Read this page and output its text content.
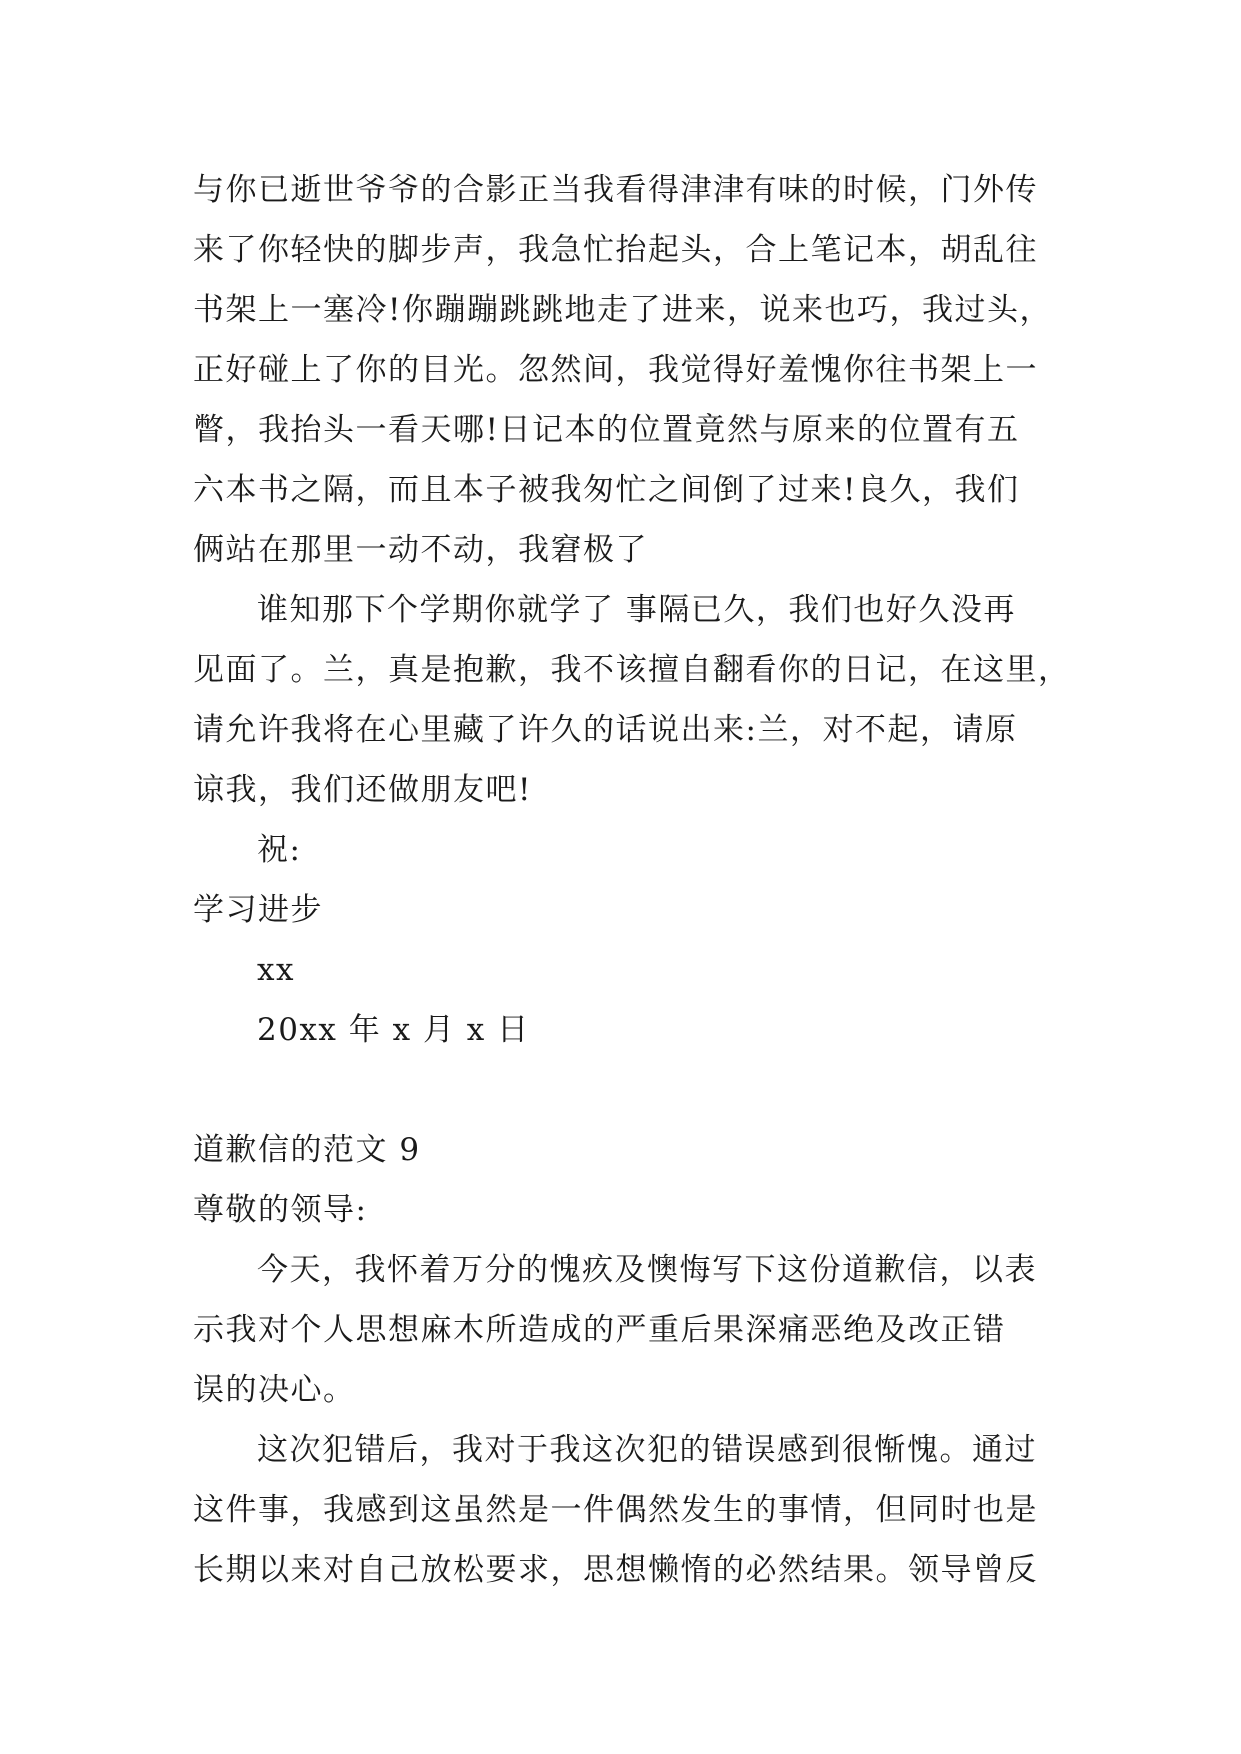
与你已逝世爷爷的合影正当我看得津津有味的时候，门外传
来了你轻快的脚步声，我急忙抬起头，合上笔记本，胡乱往
书架上一塞冷!你蹦蹦跳跳地走了进来，说来也巧，我过头，
正好碰上了你的目光。忽然间，我觉得好羞愧你往书架上一
瞥，我抬头一看天哪!日记本的位置竟然与原来的位置有五
六本书之隔，而且本子被我匆忙之间倒了过来!良久，我们
俩站在那里一动不动，我窘极了
谁知那下个学期你就学了 事隔已久，我们也好久没再
见面了。兰，真是抱歉，我不该擅自翻看你的日记，在这里，
请允许我将在心里藏了许久的话说出来:兰，对不起，请原
谅我，我们还做朋友吧!
祝:
学习进步
xx
20xx 年 x 月 x 日
道歉信的范文 9
尊敬的领导:
今天，我怀着万分的愧疚及懊悔写下这份道歉信，以表
示我对个人思想麻木所造成的严重后果深痛恶绝及改正错
误的决心。
这次犯错后，我对于我这次犯的错误感到很惭愧。通过
这件事，我感到这虽然是一件偶然发生的事情，但同时也是
长期以来对自己放松要求，思想懒惰的必然结果。领导曾反
